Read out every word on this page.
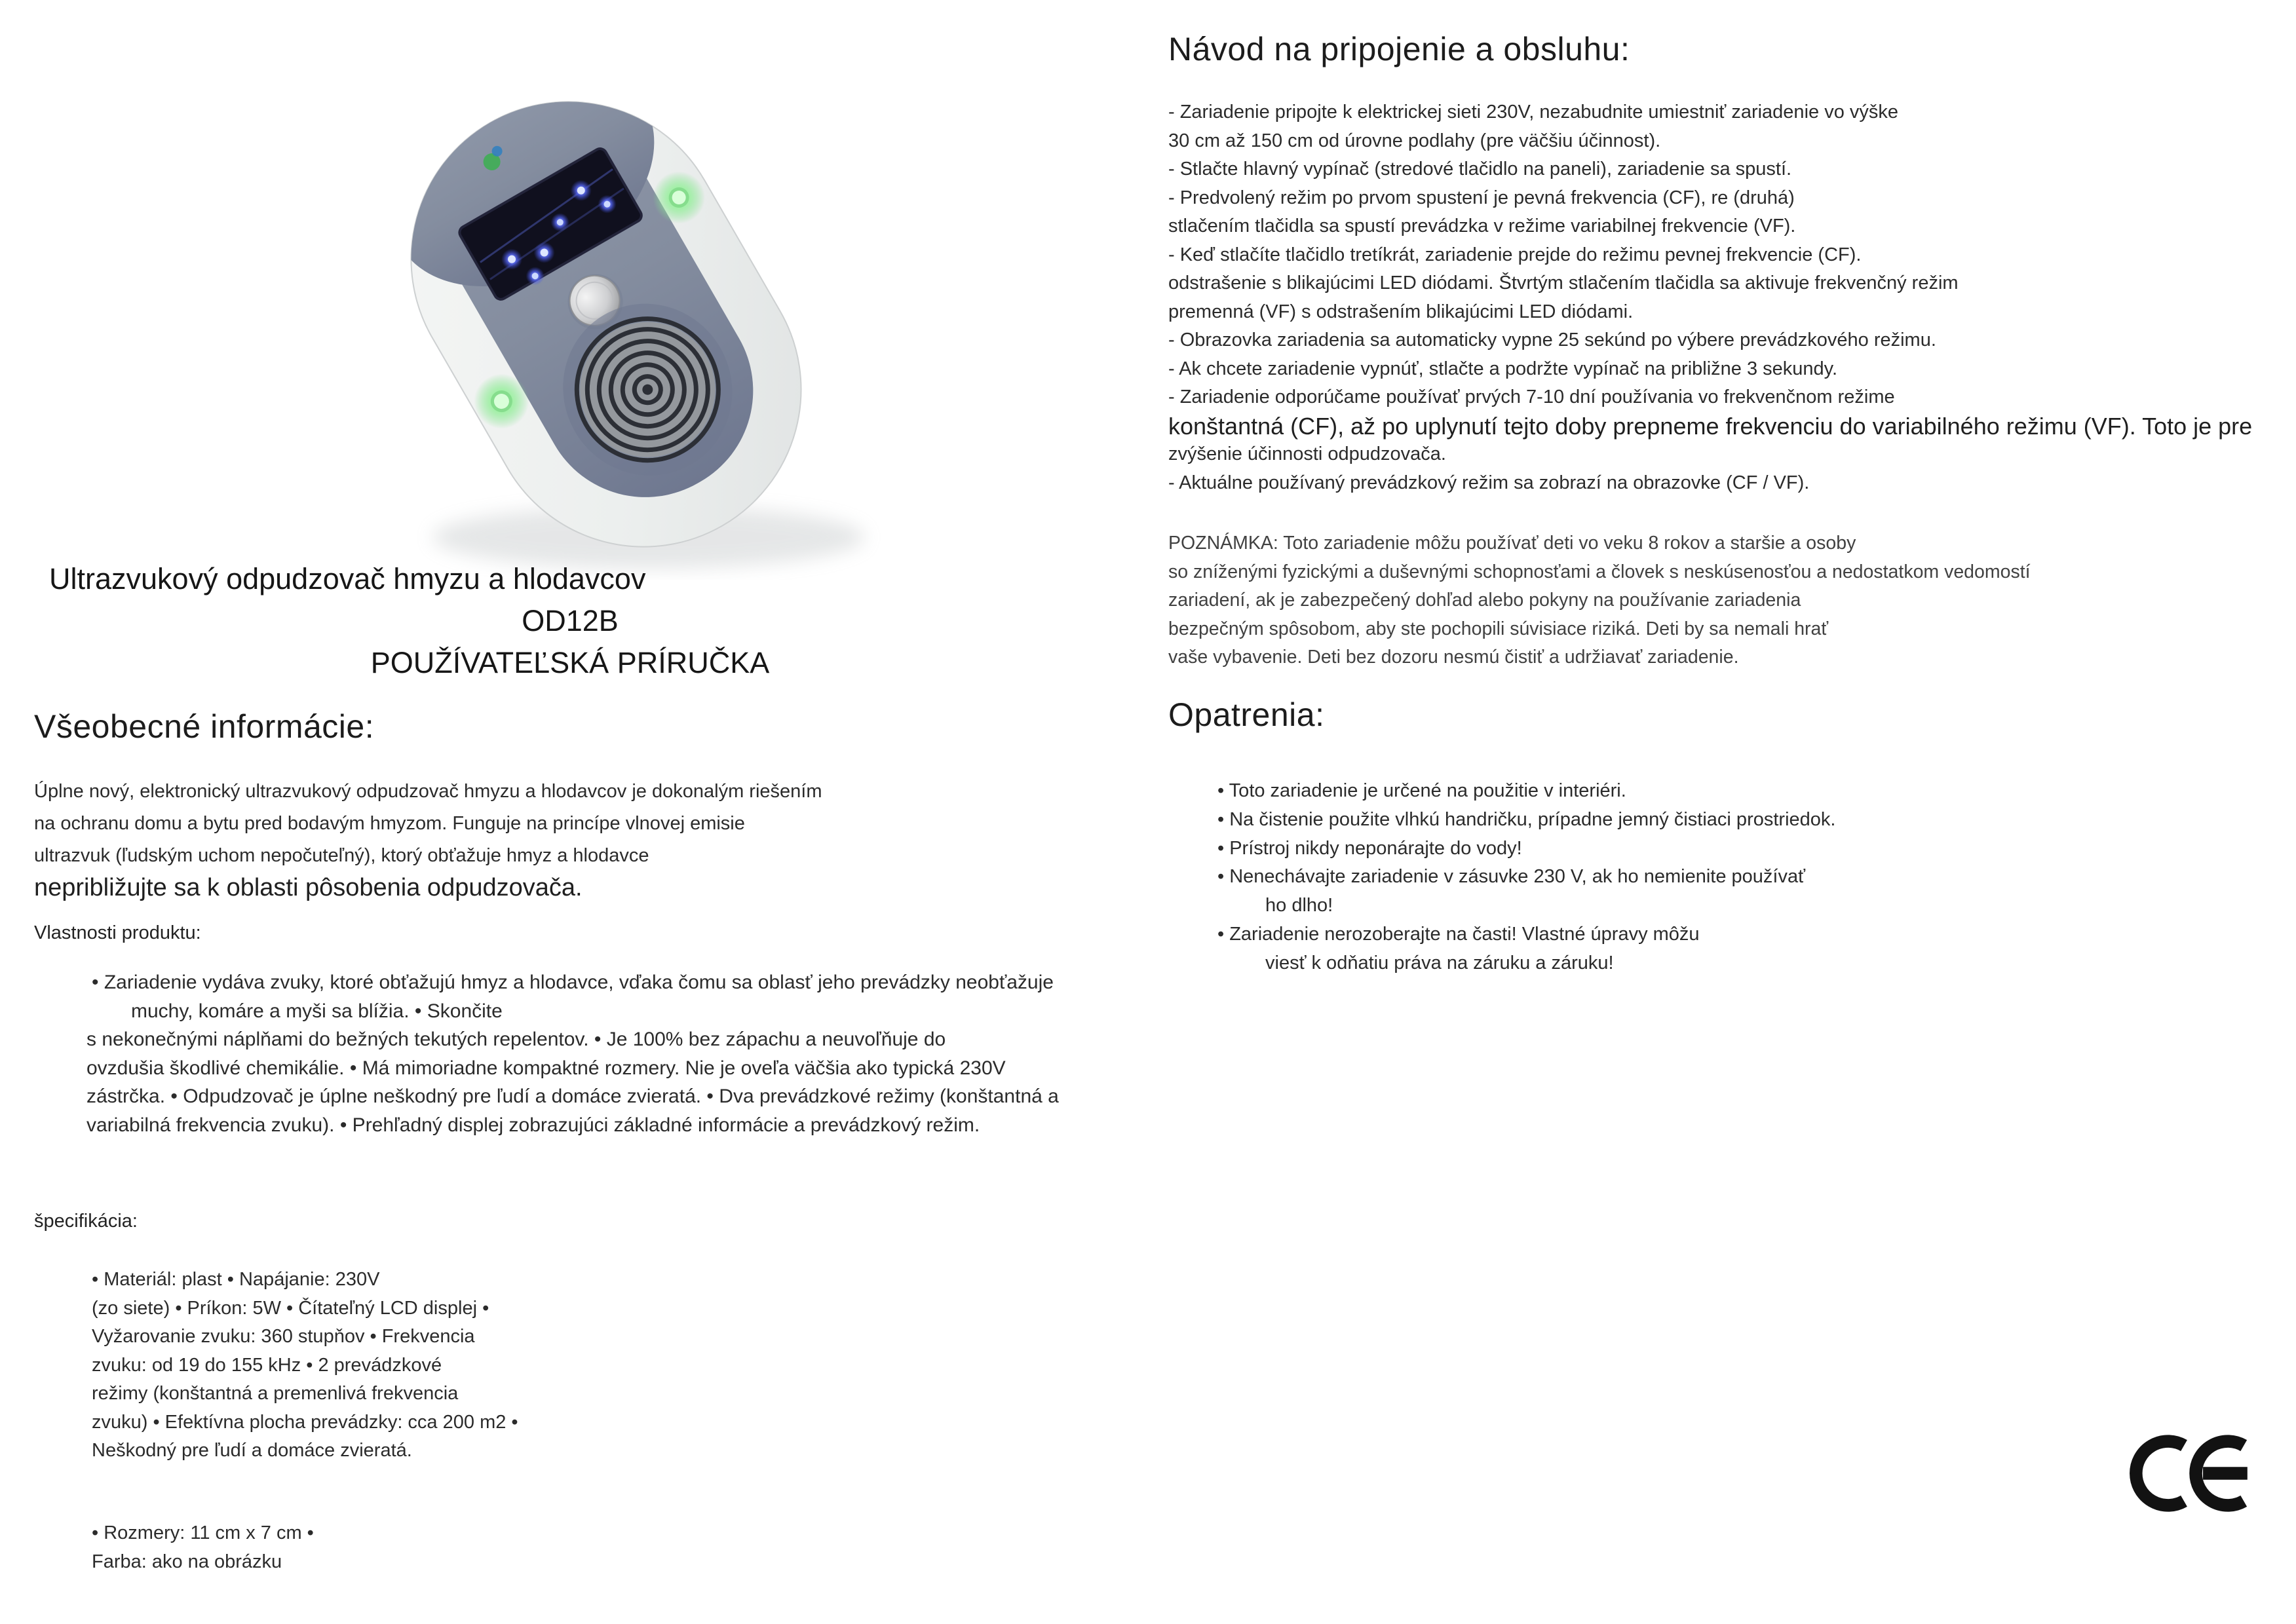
Ultrazvukový odpudzovač hmyzu a hlodavcov
OD12B
POUŽÍVATEĽSKÁ PRÍRUČKA
Všeobecné informácie:
Úplne nový, elektronický ultrazvukový odpudzovač hmyzu a hlodavcov je dokonalým riešením
na ochranu domu a bytu pred bodavým hmyzom. Funguje na princípe vlnovej emisie
ultrazvuk (ľudským uchom nepočuteľný), ktorý obťažuje hmyz a hlodavce
nepribližujte sa k oblasti pôsobenia odpudzovača.
Vlastnosti produktu:
• Zariadenie vydáva zvuky, ktoré obťažujú hmyz a hlodavce, vďaka čomu sa oblasť jeho prevádzky neobťažuje
muchy, komáre a myši sa blížia. • Skončite
s nekonečnými náplňami do bežných tekutých repelentov. • Je 100% bez zápachu a neuvoľňuje do
ovzdušia škodlivé chemikálie. • Má mimoriadne kompaktné rozmery. Nie je oveľa väčšia ako typická 230V
zástrčka. • Odpudzovač je úplne neškodný pre ľudí a domáce zvieratá. • Dva prevádzkové režimy (konštantná a
variabilná frekvencia zvuku). • Prehľadný displej zobrazujúci základné informácie a prevádzkový režim.
špecifikácia:
• Materiál: plast • Napájanie: 230V
(zo siete) • Príkon: 5W • Čítateľný LCD displej •
Vyžarovanie zvuku: 360 stupňov • Frekvencia
zvuku: od 19 do 155 kHz • 2 prevádzkové
režimy (konštantná a premenlivá frekvencia
zvuku) • Efektívna plocha prevádzky: cca 200 m2 •
Neškodný pre ľudí a domáce zvieratá.
• Rozmery: 11 cm x 7 cm •
Farba: ako na obrázku
Návod na pripojenie a obsluhu:
- Zariadenie pripojte k elektrickej sieti 230V, nezabudnite umiestniť zariadenie vo výške
30 cm až 150 cm od úrovne podlahy (pre väčšiu účinnost).
- Stlačte hlavný vypínač (stredové tlačidlo na paneli), zariadenie sa spustí.
- Predvolený režim po prvom spustení je pevná frekvencia (CF), re (druhá)
stlačením tlačidla sa spustí prevádzka v režime variabilnej frekvencie (VF).
- Keď stlačíte tlačidlo tretíkrát, zariadenie prejde do režimu pevnej frekvencie (CF).
odstrašenie s blikajúcimi LED diódami. Štvrtým stlačením tlačidla sa aktivuje frekvenčný režim
premenná (VF) s odstrašením blikajúcimi LED diódami.
- Obrazovka zariadenia sa automaticky vypne 25 sekúnd po výbere prevádzkového režimu.
- Ak chcete zariadenie vypnúť, stlačte a podržte vypínač na približne 3 sekundy.
- Zariadenie odporúčame používať prvých 7-10 dní používania vo frekvenčnom režime
konštantná (CF), až po uplynutí tejto doby prepneme frekvenciu do variabilného režimu (VF). Toto je pre
zvýšenie účinnosti odpudzovača.
- Aktuálne používaný prevádzkový režim sa zobrazí na obrazovke (CF / VF).
POZNÁMKA: Toto zariadenie môžu používať deti vo veku 8 rokov a staršie a osoby
so zníženými fyzickými a duševnými schopnosťami a človek s neskúsenosťou a nedostatkom vedomostí
zariadení, ak je zabezpečený dohľad alebo pokyny na používanie zariadenia
bezpečným spôsobom, aby ste pochopili súvisiace riziká. Deti by sa nemali hrať
vaše vybavenie. Deti bez dozoru nesmú čistiť a udržiavať zariadenie.
Opatrenia:
• Toto zariadenie je určené na použitie v interiéri.
• Na čistenie použite vlhkú handričku, prípadne jemný čistiaci prostriedok.
• Prístroj nikdy neponárajte do vody!
• Nenechávajte zariadenie v zásuvke 230 V, ak ho nemienite používať
ho dlho!
• Zariadenie nerozoberajte na časti! Vlastné úpravy môžu
viesť k odňatiu práva na záruku a záruku!
